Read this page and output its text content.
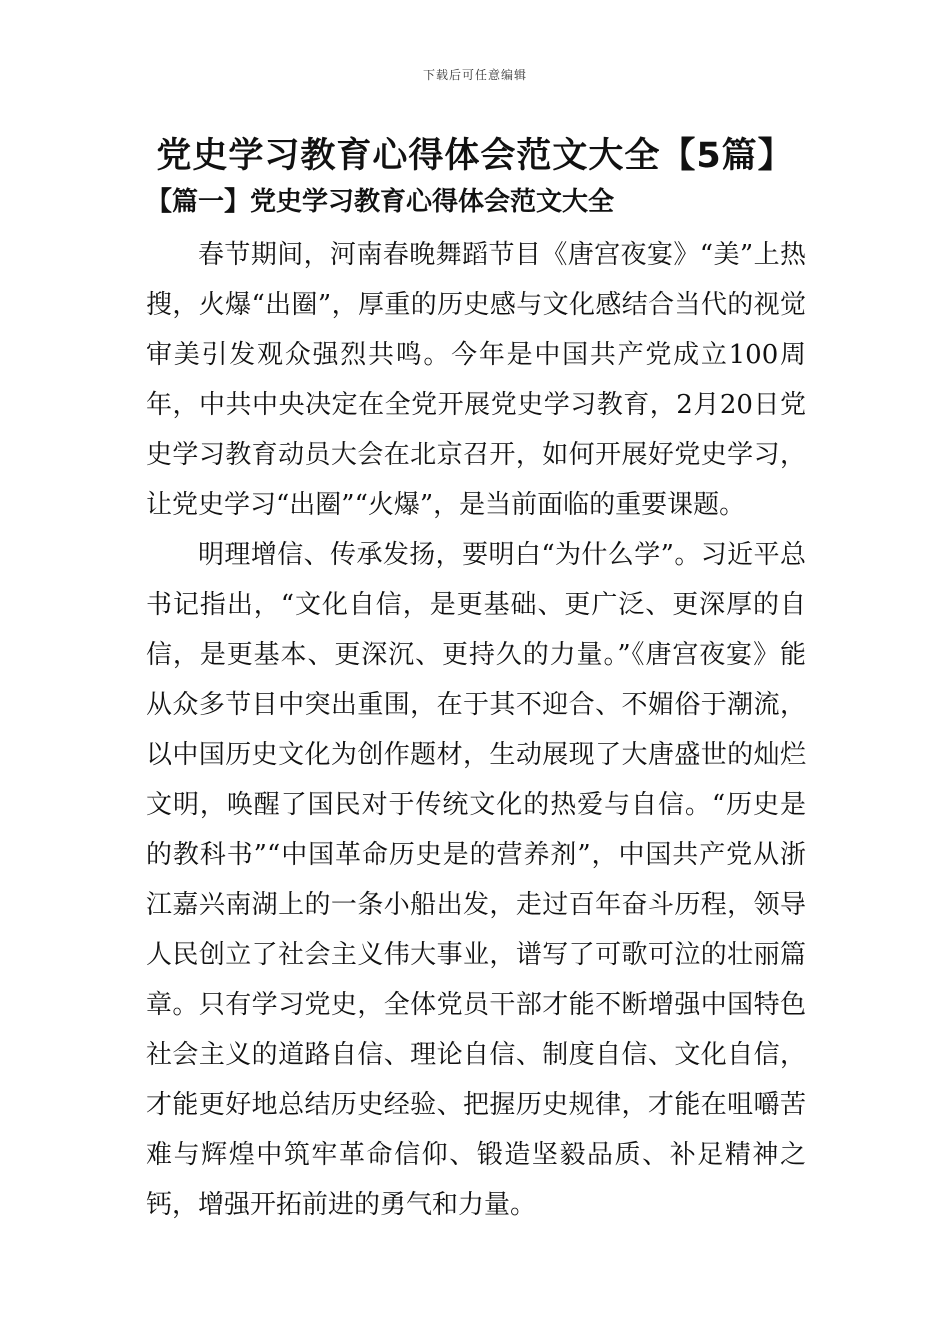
下载后可任意编辑
党史学习教育心得体会范文大全【5篇】
【篇一】党史学习教育心得体会范文大全

春节期间，河南春晚舞蹈节目《唐宫夜宴》“美”上热搜，火爆“出圈”，厚重的历史感与文化感结合当代的视觉审美引发观众强烈共鸣。今年是中国共产党成立100周年，中共中央决定在全党开展党史学习教育，2月20日党史学习教育动员大会在北京召开，如何开展好党史学习，让党史学习“出圈”“火爆”，是当前面临的重要课题。

明理增信、传承发扬，要明白“为什么学”。习近平总书记指出，“文化自信，是更基础、更广泛、更深厚的自信，是更基本、更深沉、更持久的力量。”《唐宫夜宴》能从众多节目中突出重围，在于其不迎合、不媚俗于潮流，以中国历史文化为创作题材，生动展现了大唐盛世的灿烂文明，唤醒了国民对于传统文化的热爱与自信。“历史是的教科书”“中国革命历史是的营养剂”，中国共产党从浙江嘉兴南湖上的一条小船出发，走过百年奋斗历程，领导人民创立了社会主义伟大事业，谱写了可歌可泣的壮丽篇章。只有学习党史，全体党员干部才能不断增强中国特色社会主义的道路自信、理论自信、制度自信、文化自信，才能更好地总结历史经验、把握历史规律，才能在咀嚼苦难与辉煌中筑牢革命信仰、锻造坚毅品质、补足精神之钙，增强开拓前进的勇气和力量。
